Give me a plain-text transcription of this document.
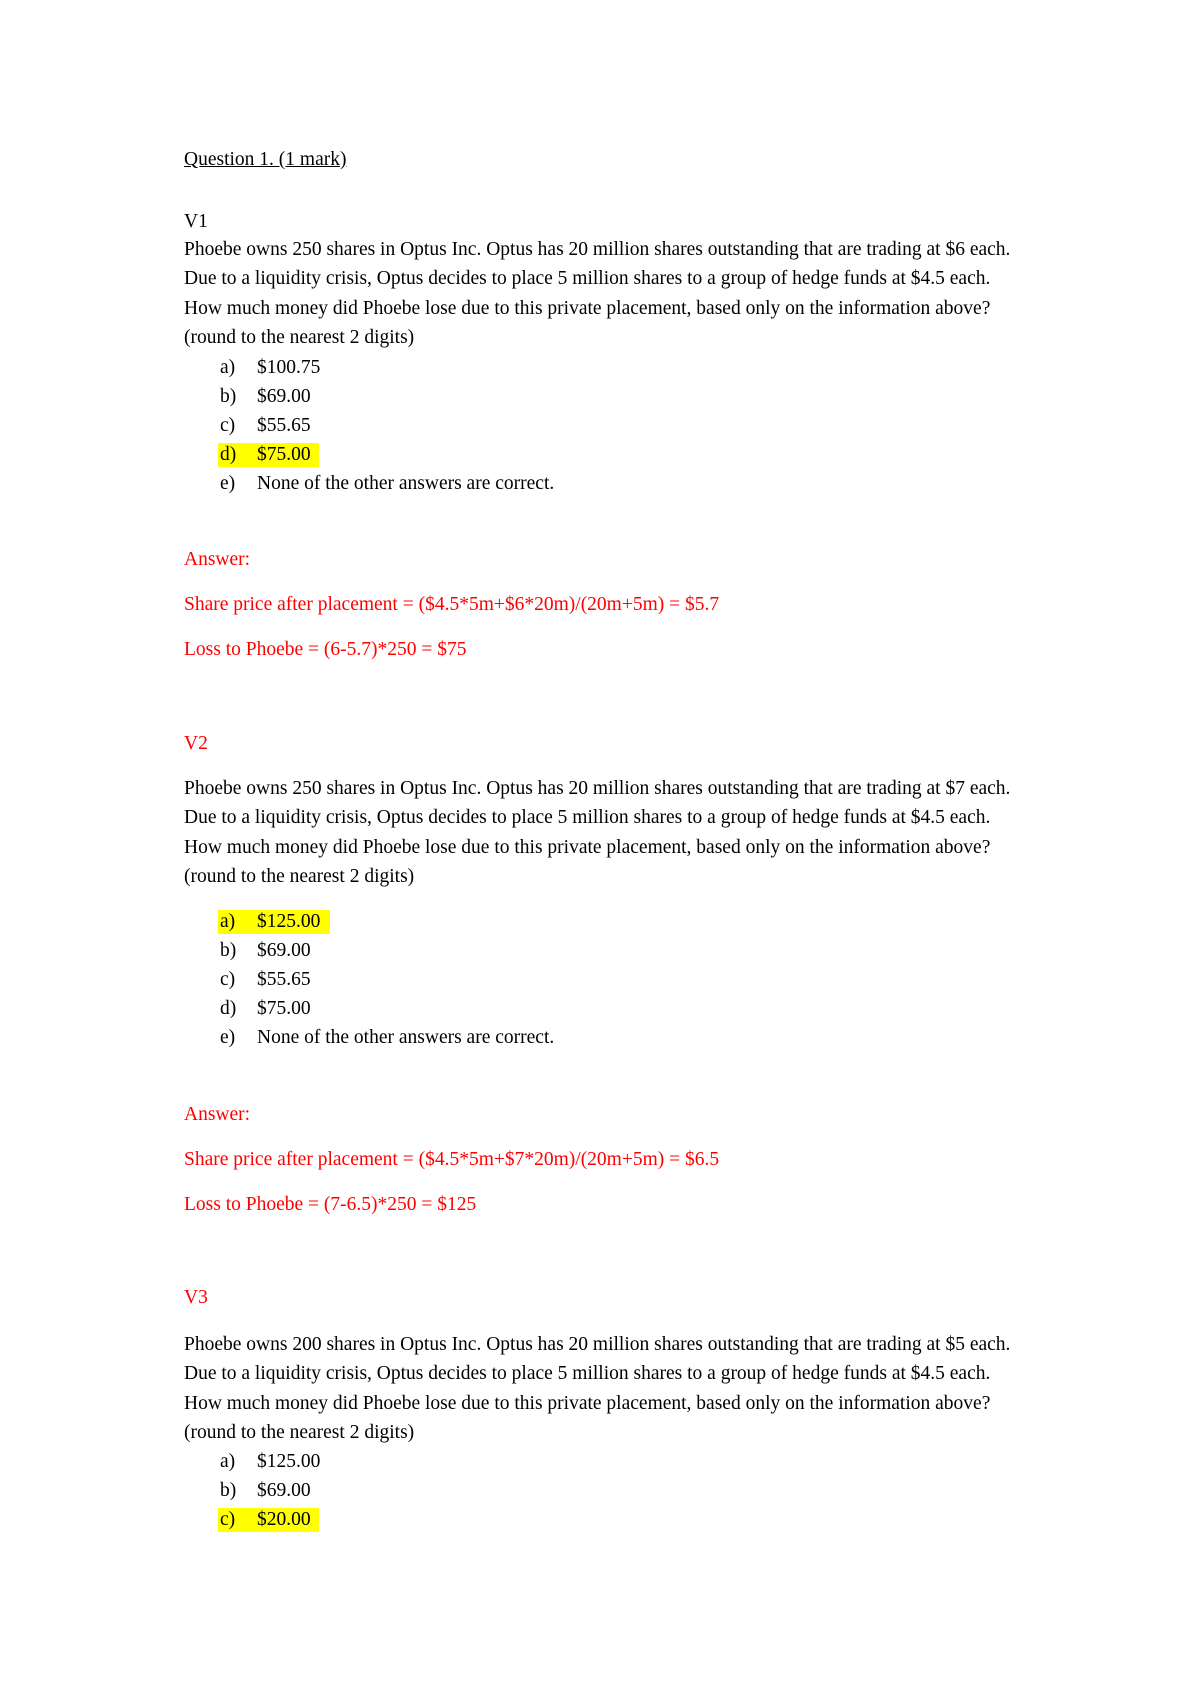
Question 1. (1 mark)
V1
Phoebe owns 250 shares in Optus Inc. Optus has 20 million shares outstanding that are trading at $6 each. Due to a liquidity crisis, Optus decides to place 5 million shares to a group of hedge funds at $4.5 each. How much money did Phoebe lose due to this private placement, based only on the information above? (round to the nearest 2 digits)
a) $100.75
b) $69.00
c) $55.65
d) $75.00
e) None of the other answers are correct.
Answer:
Share price after placement = ($4.5*5m+$6*20m)/(20m+5m) = $5.7
Loss to Phoebe = (6-5.7)*250 = $75
V2
Phoebe owns 250 shares in Optus Inc. Optus has 20 million shares outstanding that are trading at $7 each. Due to a liquidity crisis, Optus decides to place 5 million shares to a group of hedge funds at $4.5 each. How much money did Phoebe lose due to this private placement, based only on the information above? (round to the nearest 2 digits)
a) $125.00
b) $69.00
c) $55.65
d) $75.00
e) None of the other answers are correct.
Answer:
Share price after placement = ($4.5*5m+$7*20m)/(20m+5m) = $6.5
Loss to Phoebe = (7-6.5)*250 = $125
V3
Phoebe owns 200 shares in Optus Inc. Optus has 20 million shares outstanding that are trading at $5 each. Due to a liquidity crisis, Optus decides to place 5 million shares to a group of hedge funds at $4.5 each. How much money did Phoebe lose due to this private placement, based only on the information above? (round to the nearest 2 digits)
a) $125.00
b) $69.00
c) $20.00
